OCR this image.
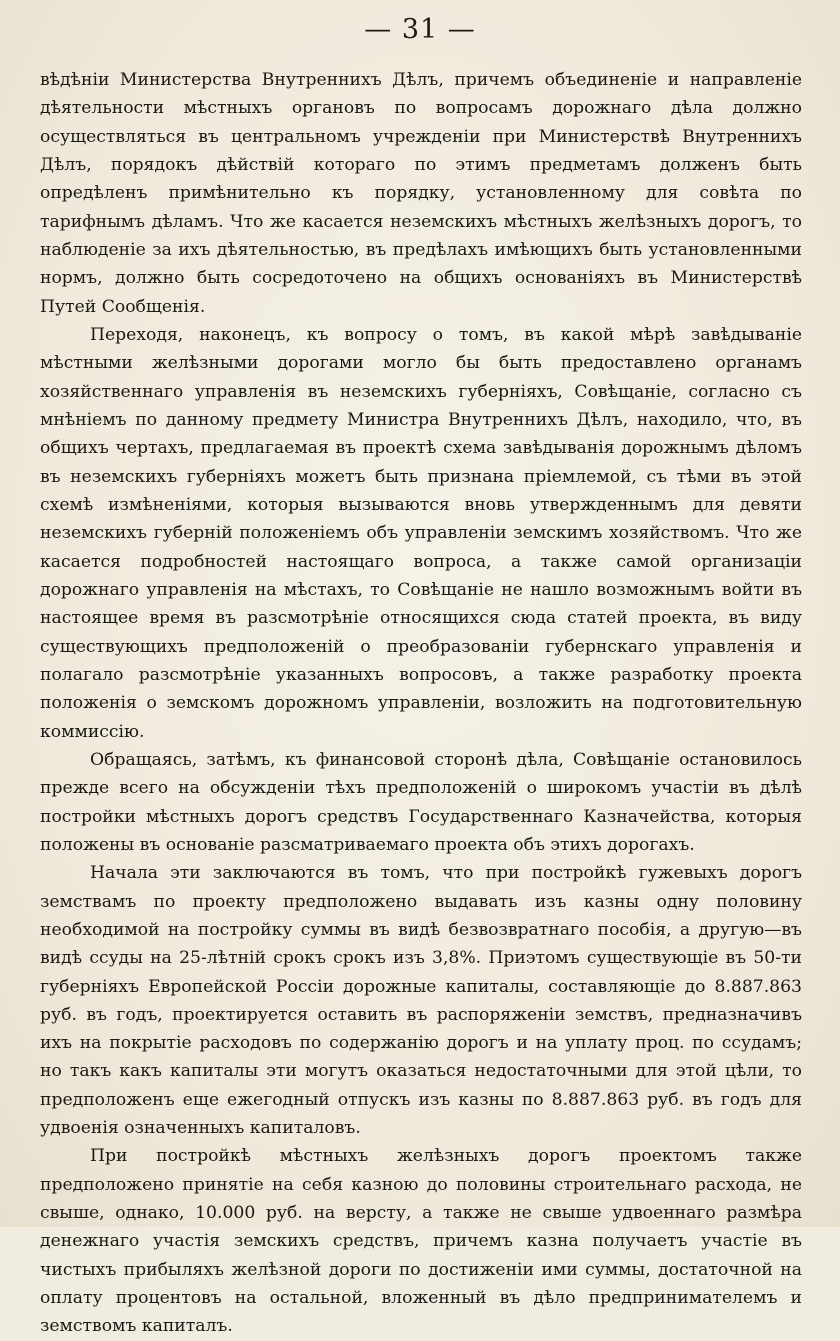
— 31 —

вѣдѣніи Министерства Внутреннихъ Дѣлъ, причемъ объединеніе и направленіе дѣятельности мѣстныхъ органовъ по вопросамъ дорожнаго дѣла должно осуществляться въ центральномъ учрежденіи при Министерствѣ Внутреннихъ Дѣлъ, порядокъ дѣйствій котораго по этимъ предметамъ долженъ быть опредѣленъ примѣнительно къ порядку, установленному для совѣта по тарифнымъ дѣламъ. Что же касается неземскихъ мѣстныхъ желѣзныхъ дорогъ, то наблюденіе за ихъ дѣятельностью, въ предѣлахъ имѣющихъ быть установленными нормъ, должно быть сосредоточено на общихъ основаніяхъ въ Министерствѣ Путей Сообщенія.

Переходя, наконецъ, къ вопросу о томъ, въ какой мѣрѣ завѣдываніе мѣстными желѣзными дорогами могло бы быть предоставлено органамъ хозяйственнаго управленія въ неземскихъ губерніяхъ, Совѣщаніе, согласно съ мнѣніемъ по данному предмету Министра Внутреннихъ Дѣлъ, находило, что, въ общихъ чертахъ, предлагаемая въ проектѣ схема завѣдыванія дорожнымъ дѣломъ въ неземскихъ губерніяхъ можетъ быть признана пріемлемой, съ тѣми въ этой схемѣ измѣненіями, которыя вызываются вновь утвержденнымъ для девяти неземскихъ губерній положеніемъ объ управленіи земскимъ хозяйствомъ. Что же касается подробностей настоящаго вопроса, а также самой организаціи дорожнаго управленія на мѣстахъ, то Совѣщаніе не нашло возможнымъ войти въ настоящее время въ разсмотрѣніе относящихся сюда статей проекта, въ виду существующихъ предположеній о преобразованіи губернскаго управленія и полагало разсмотрѣніе указанныхъ вопросовъ, а также разработку проекта положенія о земскомъ дорожномъ управленіи, возложить на подготовительную коммиссію.

Обращаясь, затѣмъ, къ финансовой сторонѣ дѣла, Совѣщаніе остановилось прежде всего на обсужденіи тѣхъ предположеній о широкомъ участіи въ дѣлѣ постройки мѣстныхъ дорогъ средствъ Государственнаго Казначейства, которыя положены въ основаніе разсматриваемаго проекта объ этихъ дорогахъ.

Начала эти заключаются въ томъ, что при постройкѣ гужевыхъ дорогъ земствамъ по проекту предположено выдавать изъ казны одну половину необходимой на постройку суммы въ видѣ безвозвратнаго пособія, а другую—въ видѣ ссуды на 25-лѣтній срокъ срокъ изъ 3,8%. Приэтомъ существующіе въ 50-ти губерніяхъ Европейской Россіи дорожные капиталы, составляющіе до 8.887.863 руб. въ годъ, проектируется оставить въ распоряженіи земствъ, предназначивъ ихъ на покрытіе расходовъ по содержанію дорогъ и на уплату проц. по ссудамъ; но такъ какъ капиталы эти могутъ оказаться недостаточными для этой цѣли, то предположенъ еще ежегодный отпускъ изъ казны по 8.887.863 руб. въ годъ для удвоенія означенныхъ капиталовъ.

При постройкѣ мѣстныхъ желѣзныхъ дорогъ проектомъ также предположено принятіе на себя казною до половины строительнаго расхода, не свыше, однако, 10.000 руб. на версту, а также не свыше удвоеннаго размѣра денежнаго участія земскихъ средствъ, причемъ казна получаетъ участіе въ чистыхъ прибыляхъ желѣзной дороги по достиженіи ими суммы, достаточной на оплату процентовъ на остальной, вложенный въ дѣло предпринимателемъ и земствомъ капиталъ.
